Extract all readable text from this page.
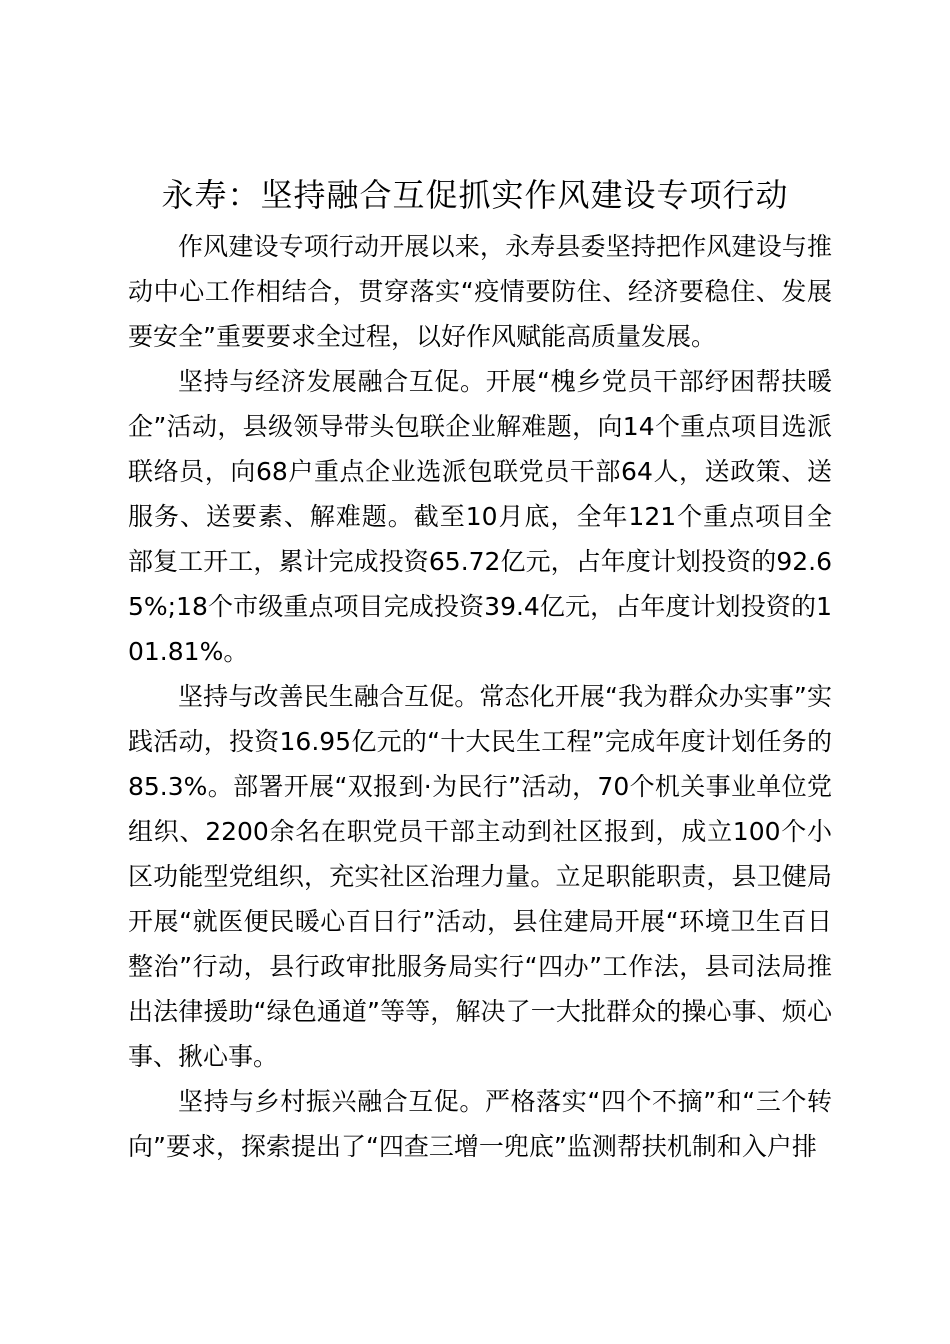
永寿：坚持融合互促抓实作风建设专项行动

作风建设专项行动开展以来，永寿县委坚持把作风建设与推动中心工作相结合，贯穿落实“疫情要防住、经济要稳住、发展要安全”重要要求全过程，以好作风赋能高质量发展。

坚持与经济发展融合互促。开展“槐乡党员干部纾困帮扶暖企”活动，县级领导带头包联企业解难题，向14个重点项目选派联络员，向68户重点企业选派包联党员干部64人，送政策、送服务、送要素、解难题。截至10月底，全年121个重点项目全部复工开工，累计完成投资65.72亿元，占年度计划投资的92.65%;18个市级重点项目完成投资39.4亿元，占年度计划投资的101.81%。

坚持与改善民生融合互促。常态化开展“我为群众办实事”实践活动，投资16.95亿元的“十大民生工程”完成年度计划任务的85.3%。部署开展“双报到·为民行”活动，70个机关事业单位党组织、2200余名在职党员干部主动到社区报到，成立100个小区功能型党组织，充实社区治理力量。立足职能职责，县卫健局开展“就医便民暖心百日行”活动，县住建局开展“环境卫生百日整治”行动，县行政审批服务局实行“四办”工作法，县司法局推出法律援助“绿色通道”等等，解决了一大批群众的操心事、烦心事、揪心事。

坚持与乡村振兴融合互促。严格落实“四个不摘”和“三个转向”要求，探索提出了“四查三增一兜底”监测帮扶机制和入户排
